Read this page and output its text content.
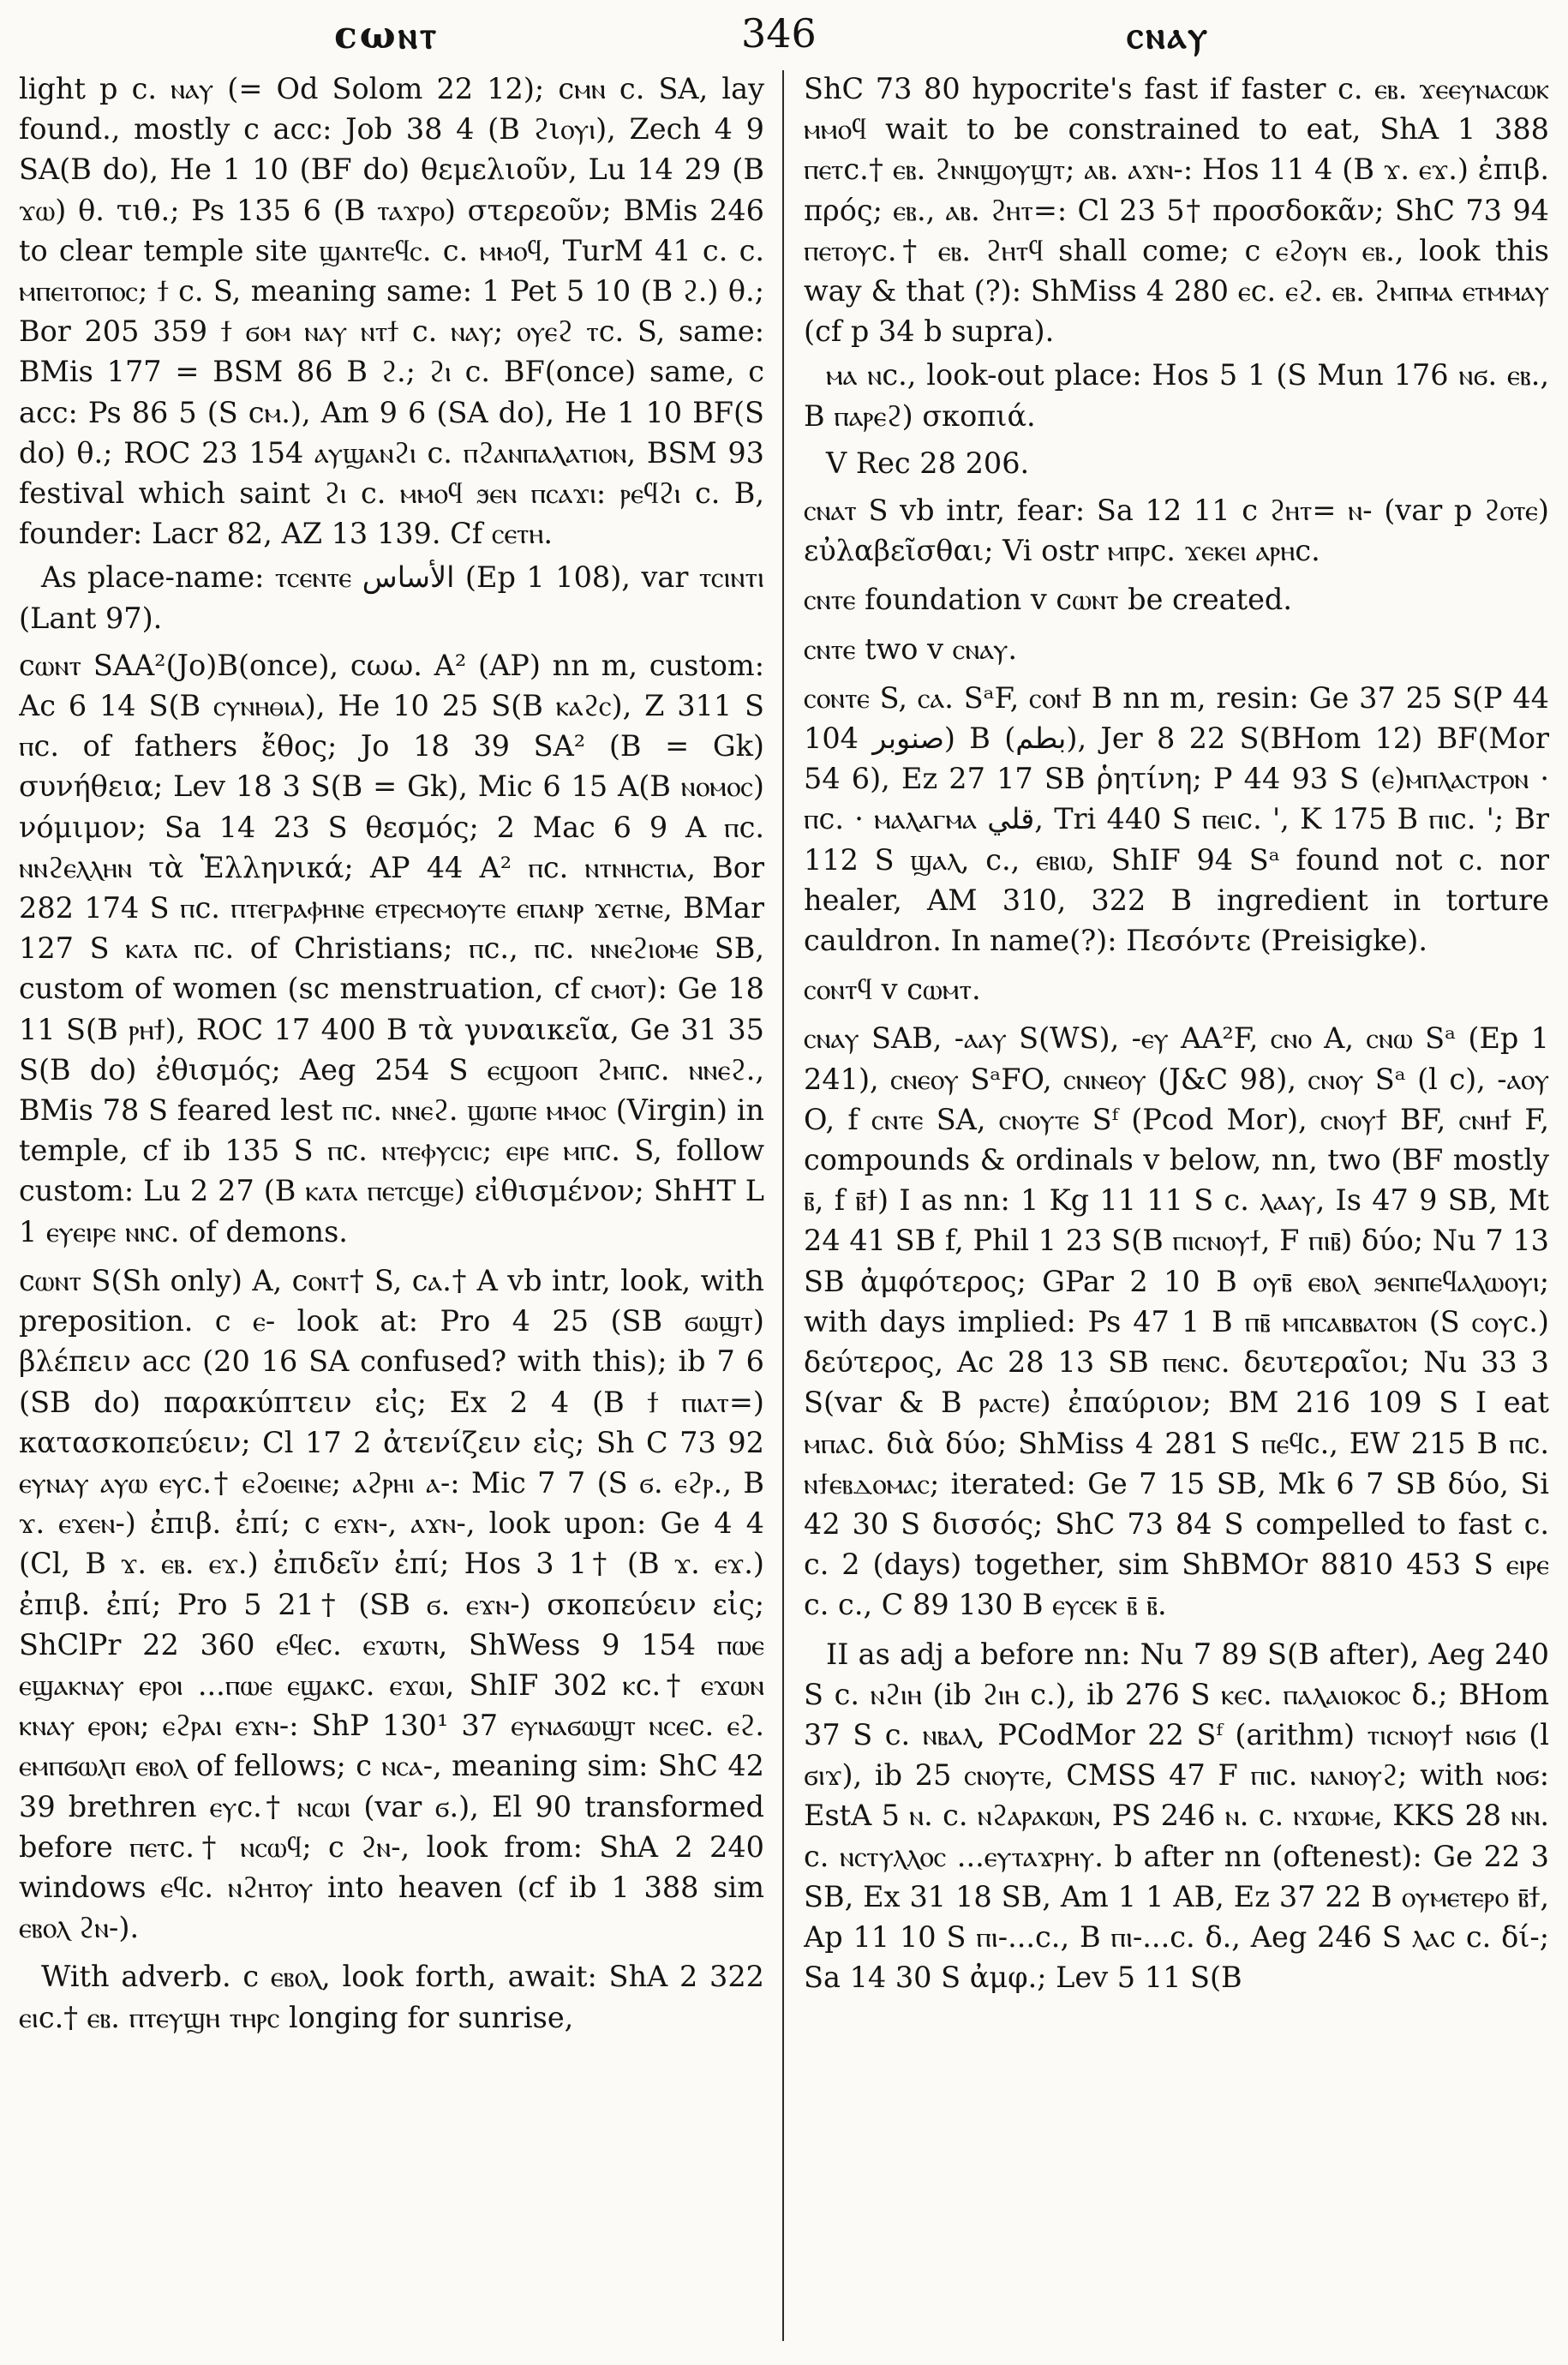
ϲωⲛⲧ	346	ⲥⲛⲁⲩ

light p c. ⲛⲁⲩ (= Od Solom 22 12); ϲⲙⲛ c. SA, lay found., mostly c acc: Job 38 4 (B ϩιⲟⲩⲓ), Zech 4 9 SA(B do), He 1 10 (BF do) θεμελιοῦν, Lu 14 29 (B ϫⲱ) θ. τιθ.; Ps 135 6 (B ⲧⲁϫⲣⲟ) στερεοῦν; BMis 246 to clear temple site ϣⲁⲛⲧⲉϥⲥ. c. ⲙⲙⲟϥ, TurM 41 c. c. ⲙⲡⲉⲓⲧⲟⲡⲟⲥ; ϯ c. S, meaning same: 1 Pet 5 10 (B ϩ.) θ.; Bor 205 359 ϯ ϭⲟⲙ ⲛⲁⲩ ⲛⲧϯ c. ⲛⲁⲩ; ⲟⲩⲉϩ ⲧc. S, same: BMis 177 = BSM 86 B ϩ.; ϩⲓ c. BF(once) same, c acc: Ps 86 5 (S cⲙ.), Am 9 6 (SA do), He 1 10 BF(S do) θ.; ROC 23 154 ⲁⲩϣⲁⲛϩⲓ c. ⲡϩⲁⲛⲡⲁⲗⲁⲧⲓⲟⲛ, BSM 93 festival which saint ϩⲓ c. ⲙⲙⲟϥ ϧⲉⲛ ⲡⲥⲁϫⲓ: ⲣⲉϥϩⲓ c. B, founder: Lacr 82, AZ 13 139. Cf ⲥⲉⲧⲏ.

As place-name: ⲧⲥⲉⲛⲧⲉ الأساس (Ep 1 108), var ⲧⲥⲓⲛⲧⲓ (Lant 97).

ϲⲱⲛⲧ SAA²(Jo)B(once), ϲωω. A² (AP) nn m, custom: Ac 6 14 S(B ⲥⲩⲛⲏⲑⲓⲁ), He 10 25 S(B ⲕⲁϩⲥ), Z 311 S ⲡc. of fathers ἔθος; Jo 18 39 SA² (B = Gk) συνήθεια; Lev 18 3 S(B = Gk), Mic 6 15 A(B ⲛⲟⲙⲟⲥ) νόμιμον; Sa 14 23 S θεσμός; 2 Mac 6 9 A ⲡc. ⲛⲛϩⲉⲗⲗⲏⲛ τὰ Ἑλληνικά; AP 44 A² ⲡc. ⲛⲧⲛⲏⲥⲧⲓⲁ, Bor 282 174 S ⲡc. ⲡⲧⲉⲅⲣⲁⲫⲏⲛⲉ ⲉⲧⲣⲉⲥⲙⲟⲩⲧⲉ ⲉⲡⲁⲛⲣ ϫⲉⲧⲛⲉ, BMar 127 S ⲕⲁⲧⲁ ⲡc. of Christians; ⲡc., ⲡc. ⲛⲛⲉϩⲓⲟⲙⲉ SB, custom of women (sc menstruation, cf ⲥⲙⲟⲧ): Ge 18 11 S(B ⲣⲏϯ), ROC 17 400 B τὰ γυναικεῖα, Ge 31 35 S(B do) ἐθισμός; Aeg 254 S ⲉⲥϣⲟⲟⲡ ϩⲙⲡc. ⲛⲛⲉϩ., BMis 78 S feared lest ⲡc. ⲛⲛⲉϩ. ϣⲱⲡⲉ ⲙⲙⲟⲥ (Virgin) in temple, cf ib 135 S ⲡc. ⲛⲧⲉⲫⲩⲥⲓⲥ; ⲉⲓⲣⲉ ⲙⲡc. S, follow custom: Lu 2 27 (B ⲕⲁⲧⲁ ⲡⲉⲧⲥϣⲉ) εἰθισμένον; ShHT L 1 ⲉⲩⲉⲓⲣⲉ ⲛⲛc. of demons.

ϲⲱⲛⲧ S(Sh only) A, ϲⲟⲛⲧ† S, ϲⲁ.† A vb intr, look, with preposition. c ⲉ- look at: Pro 4 25 (SB ϭⲱϣⲧ) βλέπειν acc (20 16 SA confused? with this); ib 7 6 (SB do) παρακύπτειν εἰς; Ex 2 4 (B ϯ ⲡⲓⲁⲧ=) κατασκοπεύειν; Cl 17 2 ἀτενίζειν εἰς; Sh C 73 92 ⲉⲩⲛⲁⲩ ⲁⲩⲱ ⲉⲩc.† ⲉϩⲟⲉⲓⲛⲉ; ⲁϩⲣⲏⲓ ⲁ-: Mic 7 7 (S ϭ. ⲉϩⲣ., B ϫ. ⲉϫⲉⲛ-) ἐπιβ. ἐπί; c ⲉϫⲛ-, ⲁϫⲛ-, look upon: Ge 4 4 (Cl, B ϫ. ⲉⲃ. ⲉϫ.) ἐπιδεῖν ἐπί; Hos 3 1† (B ϫ. ⲉϫ.) ἐπιβ. ἐπί; Pro 5 21† (SB ϭ. ⲉϫⲛ-) σκοπεύειν εἰς; ShClPr 22 360 ⲉϥⲉc. ⲉϫⲱⲧⲛ, ShWess 9 154 ⲡⲱⲉ ⲉϣⲁⲕⲛⲁⲩ ⲉⲣⲟⲓ ...ⲡⲱⲉ ⲉϣⲁⲕc. ⲉϫⲱⲓ, ShIF 302 ⲕc.† ⲉϫⲱⲛ ⲕⲛⲁⲩ ⲉⲣⲟⲛ; ⲉϩⲣⲁⲓ ⲉϫⲛ-: ShP 130¹ 37 ⲉⲩⲛⲁϭⲱϣⲧ ⲛⲥⲉc. ⲉϩ. ⲉⲙⲡϭⲱⲗⲡ ⲉⲃⲟⲗ of fellows; c ⲛⲥⲁ-, meaning sim: ShC 42 39 brethren ⲉⲩc.† ⲛⲥⲱⲓ (var ϭ.), El 90 transformed before ⲡⲉⲧc.† ⲛⲥⲱϥ; c ϩⲛ-, look from: ShA 2 240 windows ⲉϥc. ⲛϩⲏⲧⲟⲩ into heaven (cf ib 1 388 sim ⲉⲃⲟⲗ ϩⲛ-).

With adverb. c ⲉⲃⲟⲗ, look forth, await: ShA 2 322 ⲉⲓc.† ⲉⲃ. ⲡⲧⲉⲩϣⲏ ⲧⲏⲣⲥ longing for sunrise,

ShC 73 80 hypocrite's fast if faster c. ⲉⲃ. ϫⲉⲉⲩⲛⲁⲥⲱⲕ ⲙⲙⲟϥ wait to be constrained to eat, ShA 1 388 ⲡⲉⲧc.† ⲉⲃ. ϩⲛⲛϣⲟⲩϣⲧ; ⲁⲃ. ⲁϫⲛ-: Hos 11 4 (B ϫ. ⲉϫ.) ἐπιβ. πρός; ⲉⲃ., ⲁⲃ. ϩⲏⲧ=: Cl 23 5† προσδοκᾶν; ShC 73 94 ⲡⲉⲧⲟⲩc.† ⲉⲃ. ϩⲏⲧϥ shall come; c ⲉϩⲟⲩⲛ ⲉⲃ., look this way & that (?): ShMiss 4 280 ⲉc. ⲉϩ. ⲉⲃ. ϩⲙⲡⲙⲁ ⲉⲧⲙⲙⲁⲩ (cf p 34 b supra).

ⲙⲁ ⲛc., look-out place: Hos 5 1 (S Mun 176 ⲛϭ. ⲉⲃ., B ⲡⲁⲣⲉϩ) σκοπιά.

V Rec 28 206.

ⲥⲛⲁⲧ S vb intr, fear: Sa 12 11 c ϩⲏⲧ= ⲛ- (var p ϩⲟⲧⲉ) εὐλαβεῖσθαι; Vi ostr ⲙⲡⲣc. ϫⲉⲕⲉⲓ ⲁⲣⲏc.

ⲥⲛⲧⲉ foundation v ϲⲱⲛⲧ be created.

ⲥⲛⲧⲉ two v ⲥⲛⲁⲩ.

ⲥⲟⲛⲧⲉ S, ⲥⲁ. SᵃF, ⲥⲟⲛϯ B nn m, resin: Ge 37 25 S(P 44 104 صنوبر) B (بطم), Jer 8 22 S(BHom 12) BF(Mor 54 6), Ez 27 17 SB ῥητίνη; P 44 93 S (ⲉ)ⲙⲡⲗⲁⲥⲧⲣⲟⲛ · ⲡc. · ⲙⲁⲗⲁⲅⲙⲁ قلي, Tri 440 S ⲡⲉⲓc. ', K 175 B ⲡⲓc. '; Br 112 S ϣⲁⲗ, c., ⲉⲃⲓⲱ, ShIF 94 Sᵃ found not c. nor healer, AM 310, 322 B ingredient in torture cauldron. In name(?): Πεσόντε (Preisigke).

ⲥⲟⲛⲧϥ v ϲⲱⲙⲧ.

ⲥⲛⲁⲩ SAB, -ⲁⲁⲩ S(WS), -ⲉⲩ AA²F, ⲥⲛⲟ A, ⲥⲛⲱ Sᵃ (Ep 1 241), ⲥⲛⲉⲟⲩ SᵃFO, ⲥⲛⲛⲉⲟⲩ (J&C 98), ⲥⲛⲟⲩ Sᵃ (l c), -ⲁⲟⲩ O, f ⲥⲛⲧⲉ SA, ⲥⲛⲟⲩⲧⲉ Sᶠ (Pcod Mor), ⲥⲛⲟⲩϯ BF, ⲥⲛⲏϯ F, compounds & ordinals v below, nn, two (BF mostly ⲃ̄, f ⲃ̄ϯ) I as nn: 1 Kg 11 11 S c. ⲗⲁⲁⲩ, Is 47 9 SB, Mt 24 41 SB f, Phil 1 23 S(B ⲡⲓⲥⲛⲟⲩϯ, F ⲡⲓⲃ̄) δύο; Nu 7 13 SB ἀμφότερος; GPar 2 10 B ⲟⲩⲃ̄ ⲉⲃⲟⲗ ϧⲉⲛⲡⲉϥⲁⲗⲱⲟⲩⲓ; with days implied: Ps 47 1 B ⲡⲃ̄ ⲙⲡⲥⲁⲃⲃⲁⲧⲟⲛ (S ⲥⲟⲩc.) δεύτερος, Ac 28 13 SB ⲡⲉⲛc. δευτεραῖοι; Nu 33 3 S(var & B ⲣⲁⲥⲧⲉ) ἐπαύριον; BM 216 109 S I eat ⲙⲡⲁc. διὰ δύο; ShMiss 4 281 S ⲡⲉϥc., EW 215 B ⲡc. ⲛϯⲉⲃⲇⲟⲙⲁⲥ; iterated: Ge 7 15 SB, Mk 6 7 SB δύο, Si 42 30 S δισσός; ShC 73 84 S compelled to fast c. c. 2 (days) together, sim ShBMOr 8810 453 S ⲉⲓⲣⲉ c. c., C 89 130 B ⲉⲩⲥⲉⲕ ⲃ̄ ⲃ̄.

II as adj a before nn: Nu 7 89 S(B after), Aeg 240 S c. ⲛϩⲓⲏ (ib ϩⲓⲏ c.), ib 276 S ⲕⲉc. ⲡⲁⲗⲁⲓⲟⲕⲟⲥ δ.; BHom 37 S c. ⲛⲃⲁⲗ, PCodMor 22 Sᶠ (arithm) ⲧⲓⲥⲛⲟⲩϯ ⲛϭⲓϭ (l ϭⲓϫ), ib 25 ⲥⲛⲟⲩⲧⲉ, CMSS 47 F ⲡⲓc. ⲛⲁⲛⲟⲩϩ; with ⲛⲟϭ: EstA 5 ⲛ. c. ⲛϩⲁⲣⲁⲕⲱⲛ, PS 246 ⲛ. c. ⲛϫⲱⲙⲉ, KKS 28 ⲛⲛ. c. ⲛⲥⲧⲩⲗⲗⲟⲥ ...ⲉⲩⲧⲁϫⲣⲏⲩ. b after nn (oftenest): Ge 22 3 SB, Ex 31 18 SB, Am 1 1 AB, Ez 37 22 B ⲟⲩⲙⲉⲧⲉⲣⲟ ⲃ̄ϯ, Ap 11 10 S ⲡⲓ-...c., B ⲡⲓ-...c. δ., Aeg 246 S ⲗⲁc c. δί-; Sa 14 30 S ἀμφ.; Lev 5 11 S(B
